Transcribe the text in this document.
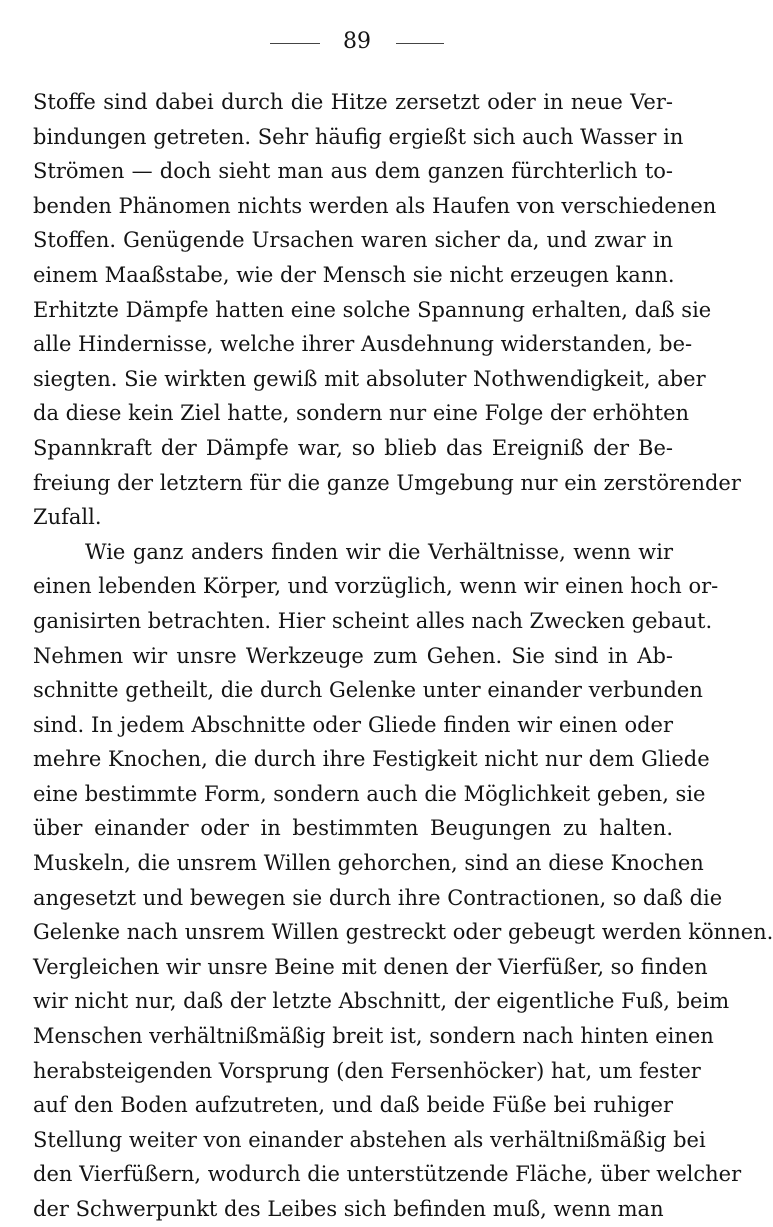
89
Stoffe sind dabei durch die Hitze zersetzt oder in neue Ver-
bindungen getreten. Sehr häufig ergießt sich auch Wasser in
Strömen — doch sieht man aus dem ganzen fürchterlich to-
benden Phänomen nichts werden als Haufen von verschiedenen
Stoffen. Genügende Ursachen waren sicher da, und zwar in
einem Maaßstabe, wie der Mensch sie nicht erzeugen kann.
Erhitzte Dämpfe hatten eine solche Spannung erhalten, daß sie
alle Hindernisse, welche ihrer Ausdehnung widerstanden, be-
siegten. Sie wirkten gewiß mit absoluter Nothwendigkeit, aber
da diese kein Ziel hatte, sondern nur eine Folge der erhöhten
Spannkraft der Dämpfe war, so blieb das Ereigniß der Be-
freiung der letztern für die ganze Umgebung nur ein zerstörender
Zufall.
Wie ganz anders finden wir die Verhältnisse, wenn wir
einen lebenden Körper, und vorzüglich, wenn wir einen hoch or-
ganisirten betrachten. Hier scheint alles nach Zwecken gebaut.
Nehmen wir unsre Werkzeuge zum Gehen. Sie sind in Ab-
schnitte getheilt, die durch Gelenke unter einander verbunden
sind. In jedem Abschnitte oder Gliede finden wir einen oder
mehre Knochen, die durch ihre Festigkeit nicht nur dem Gliede
eine bestimmte Form, sondern auch die Möglichkeit geben, sie
über einander oder in bestimmten Beugungen zu halten.
Muskeln, die unsrem Willen gehorchen, sind an diese Knochen
angesetzt und bewegen sie durch ihre Contractionen, so daß die
Gelenke nach unsrem Willen gestreckt oder gebeugt werden können.
Vergleichen wir unsre Beine mit denen der Vierfüßer, so finden
wir nicht nur, daß der letzte Abschnitt, der eigentliche Fuß, beim
Menschen verhältnißmäßig breit ist, sondern nach hinten einen
herabsteigenden Vorsprung (den Fersenhöcker) hat, um fester
auf den Boden aufzutreten, und daß beide Füße bei ruhiger
Stellung weiter von einander abstehen als verhältnißmäßig bei
den Vierfüßern, wodurch die unterstützende Fläche, über welcher
der Schwerpunkt des Leibes sich befinden muß, wenn man
